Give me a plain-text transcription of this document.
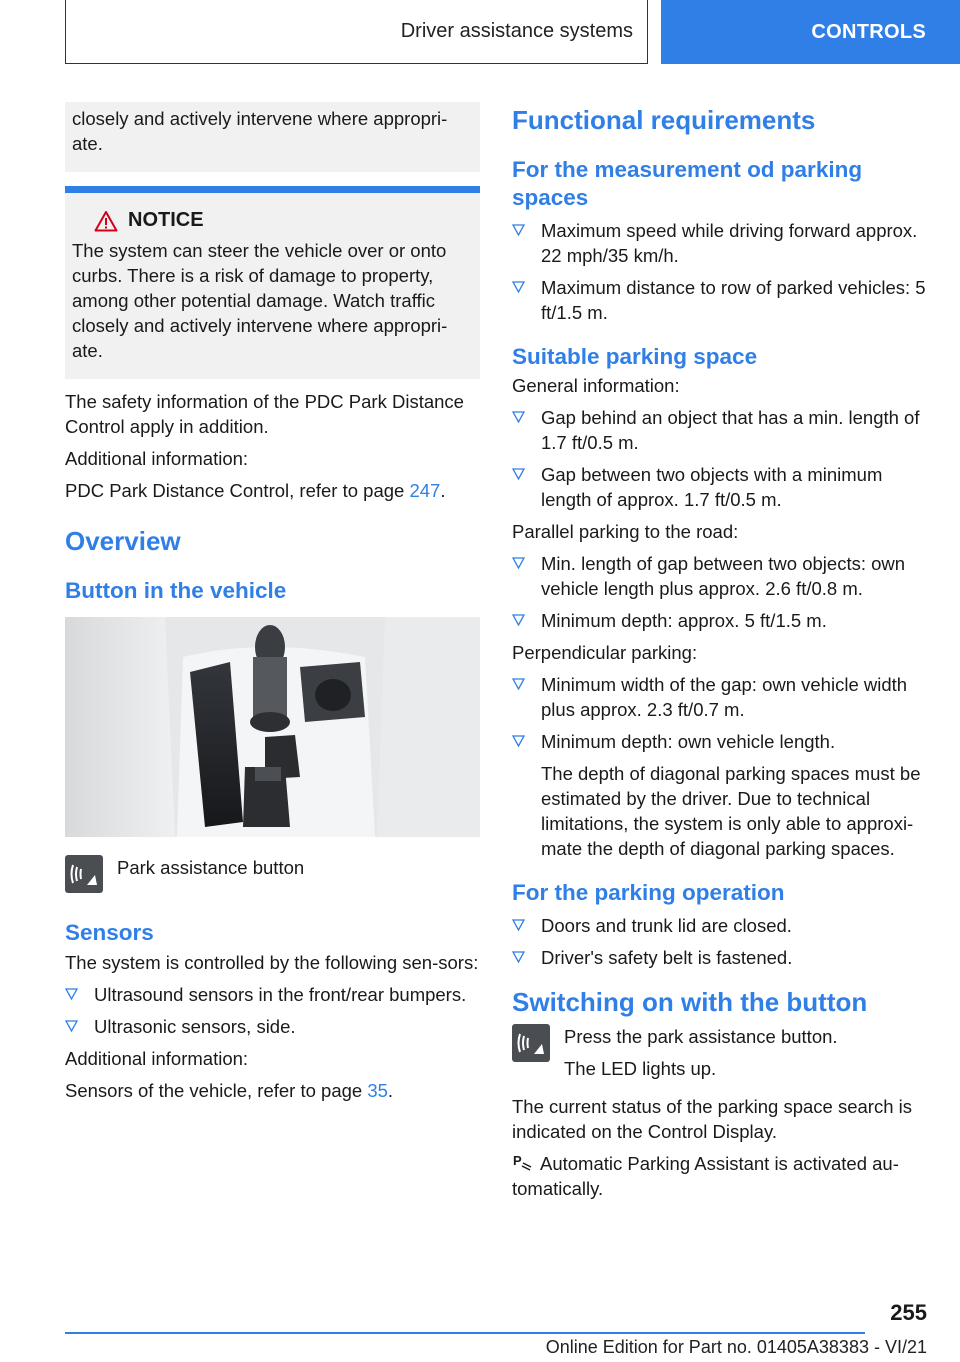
Driver assistance systems	CONTROLS

closely and actively intervene where appropri-ate.

NOTICE

The system can steer the vehicle over or onto curbs. There is a risk of damage to property, among other potential damage. Watch traffic closely and actively intervene where appropri-ate.

The safety information of the PDC Park Distance Control apply in addition.

Additional information:

PDC Park Distance Control, refer to page 247.

Overview
Button in the vehicle

Park assistance button

Sensors

The system is controlled by the following sen-sors:

Ultrasound sensors in the front/rear bumpers.
Ultrasonic sensors, side.

Additional information:

Sensors of the vehicle, refer to page 35.

Functional requirements
For the measurement od parking spaces
Maximum speed while driving forward approx. 22 mph/35 km/h.
Maximum distance to row of parked vehicles: 5 ft/1.5 m.
Suitable parking space

General information:

Gap behind an object that has a min. length of 1.7 ft/0.5 m.
Gap between two objects with a minimum length of approx. 1.7 ft/0.5 m.

Parallel parking to the road:

Min. length of gap between two objects: own vehicle length plus approx. 2.6 ft/0.8 m.
Minimum depth: approx. 5 ft/1.5 m.

Perpendicular parking:

Minimum width of the gap: own vehicle width plus approx. 2.3 ft/0.7 m.
Minimum depth: own vehicle length.

The depth of diagonal parking spaces must be estimated by the driver. Due to technical limitations, the system is only able to approxi-mate the depth of diagonal parking spaces.

For the parking operation
Doors and trunk lid are closed.
Driver's safety belt is fastened.
Switching on with the button

Press the park assistance button.

The LED lights up.

The current status of the parking space search is indicated on the Control Display.

P Automatic Parking Assistant is activated au-tomatically.

255
Online Edition for Part no. 01405A38383 - VI/21
